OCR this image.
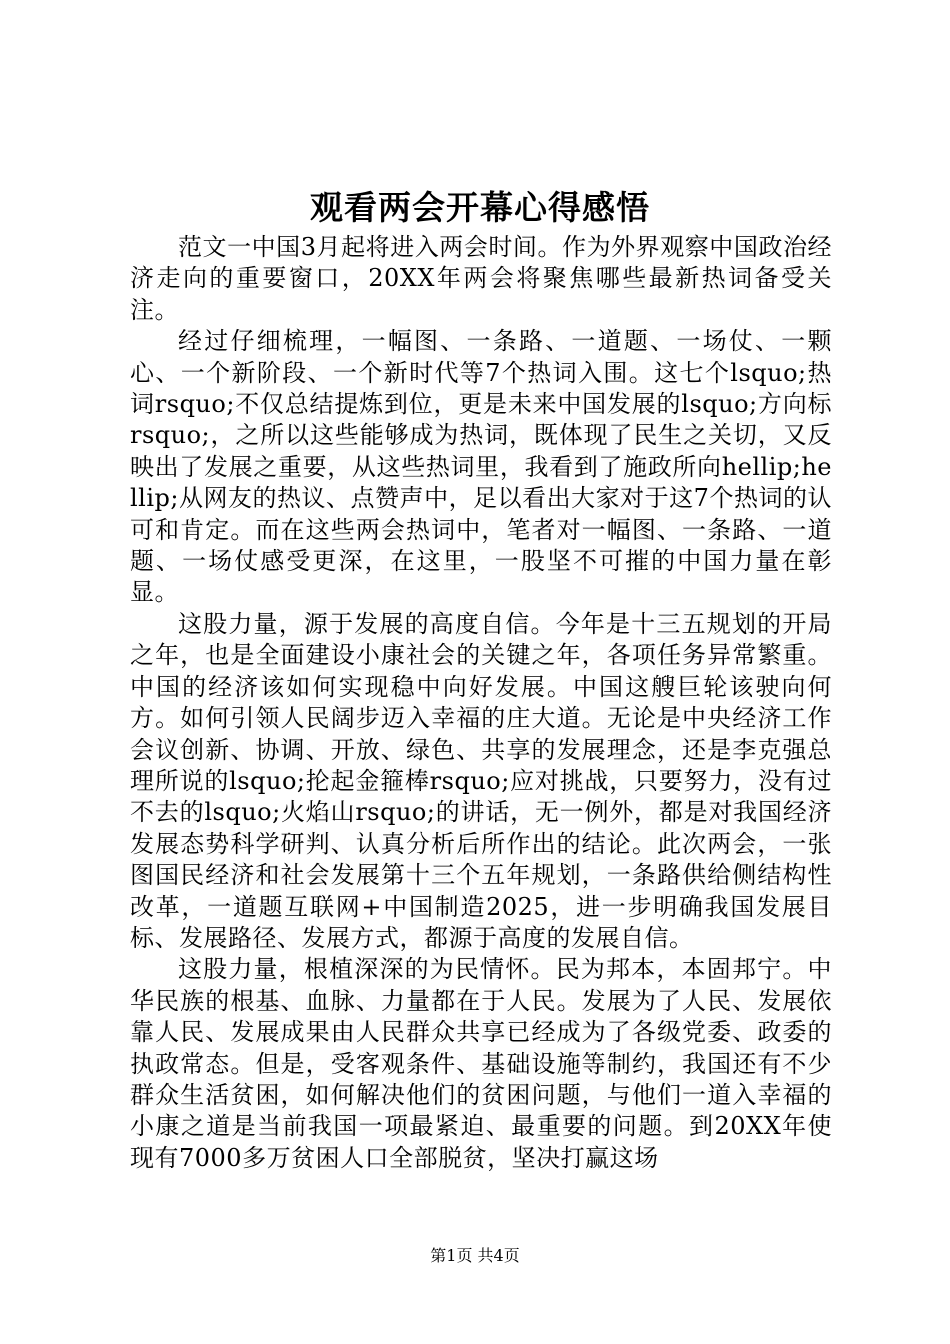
观看两会开幕心得感悟

范文一中国3月起将进入两会时间。作为外界观察中国政治经济走向的重要窗口，20XX年两会将聚焦哪些最新热词备受关注。

经过仔细梳理，一幅图、一条路、一道题、一场仗、一颗心、一个新阶段、一个新时代等7个热词入围。这七个lsquo;热词rsquo;不仅总结提炼到位，更是未来中国发展的lsquo;方向标rsquo;，之所以这些能够成为热词，既体现了民生之关切，又反映出了发展之重要，从这些热词里，我看到了施政所向hellip;hellip;从网友的热议、点赞声中，足以看出大家对于这7个热词的认可和肯定。而在这些两会热词中，笔者对一幅图、一条路、一道题、一场仗感受更深，在这里，一股坚不可摧的中国力量在彰显。

这股力量，源于发展的高度自信。今年是十三五规划的开局之年，也是全面建设小康社会的关键之年，各项任务异常繁重。中国的经济该如何实现稳中向好发展。中国这艘巨轮该驶向何方。如何引领人民阔步迈入幸福的庄大道。无论是中央经济工作会议创新、协调、开放、绿色、共享的发展理念，还是李克强总理所说的lsquo;抡起金箍棒rsquo;应对挑战，只要努力，没有过不去的lsquo;火焰山rsquo;的讲话，无一例外，都是对我国经济发展态势科学研判、认真分析后所作出的结论。此次两会，一张图国民经济和社会发展第十三个五年规划，一条路供给侧结构性改革，一道题互联网+中国制造2025，进一步明确我国发展目标、发展路径、发展方式，都源于高度的发展自信。

这股力量，根植深深的为民情怀。民为邦本，本固邦宁。中华民族的根基、血脉、力量都在于人民。发展为了人民、发展依靠人民、发展成果由人民群众共享已经成为了各级党委、政委的执政常态。但是，受客观条件、基础设施等制约，我国还有不少群众生活贫困，如何解决他们的贫困问题，与他们一道入幸福的小康之道是当前我国一项最紧迫、最重要的问题。到20XX年使现有7000多万贫困人口全部脱贫，坚决打赢这场

第1页 共4页
